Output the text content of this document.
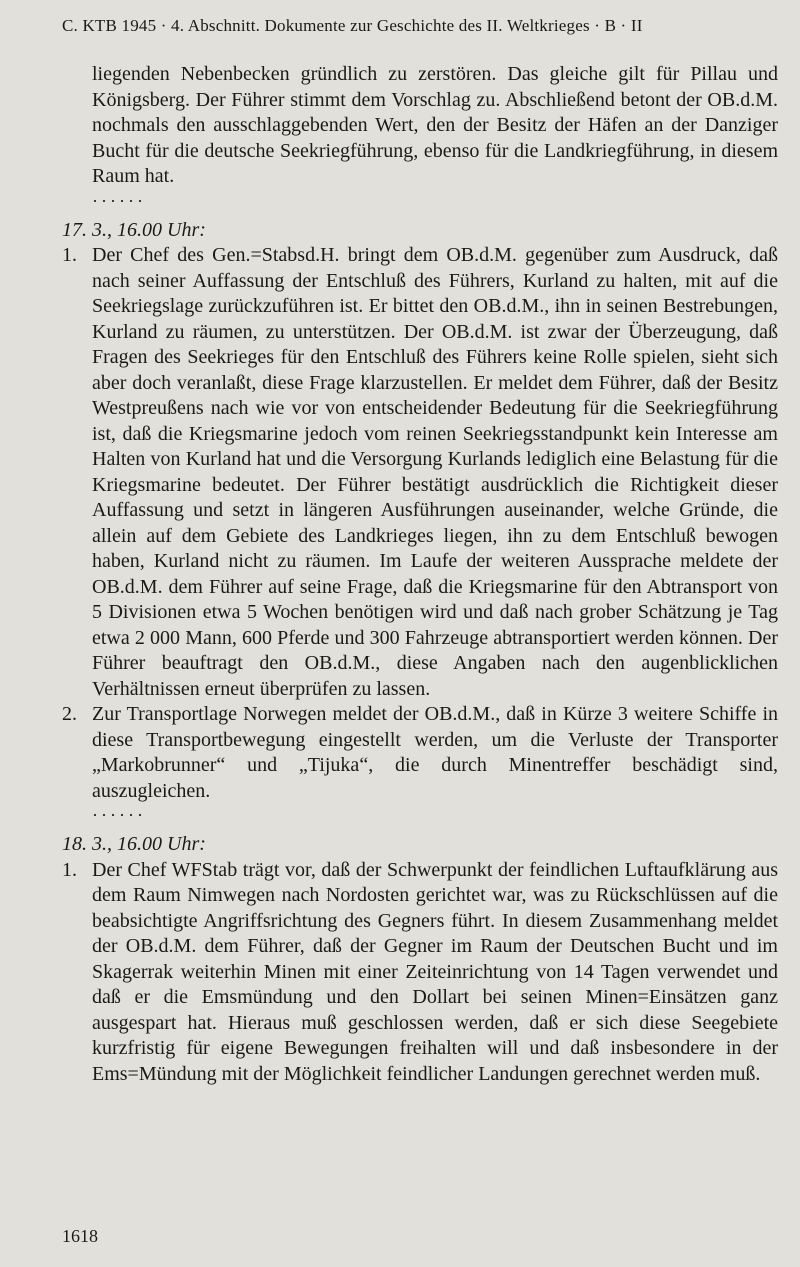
C. KTB 1945 · 4. Abschnitt. Dokumente zur Geschichte des II. Weltkrieges · B · II

liegenden Nebenbecken gründlich zu zerstören. Das gleiche gilt für Pillau und Königsberg. Der Führer stimmt dem Vorschlag zu. Abschließend betont der OB.d.M. nochmals den ausschlaggebenden Wert, den der Besitz der Häfen an der Danziger Bucht für die deutsche Seekriegführung, ebenso für die Landkriegführung, in diesem Raum hat.

······
17. 3., 16.00 Uhr:
1. Der Chef des Gen.=Stabsd.H. bringt dem OB.d.M. gegenüber zum Ausdruck, daß nach seiner Auffassung der Entschluß des Führers, Kurland zu halten, mit auf die Seekriegslage zurückzuführen ist. Er bittet den OB.d.M., ihn in seinen Bestrebungen, Kurland zu räumen, zu unterstützen. Der OB.d.M. ist zwar der Überzeugung, daß Fragen des Seekrieges für den Entschluß des Führers keine Rolle spielen, sieht sich aber doch veranlaßt, diese Frage klarzustellen. Er meldet dem Führer, daß der Besitz Westpreußens nach wie vor von entscheidender Bedeutung für die Seekriegführung ist, daß die Kriegsmarine jedoch vom reinen Seekriegsstandpunkt kein Interesse am Halten von Kurland hat und die Versorgung Kurlands lediglich eine Belastung für die Kriegsmarine bedeutet. Der Führer bestätigt ausdrücklich die Richtigkeit dieser Auffassung und setzt in längeren Ausführungen auseinander, welche Gründe, die allein auf dem Gebiete des Landkrieges liegen, ihn zu dem Entschluß bewogen haben, Kurland nicht zu räumen. Im Laufe der weiteren Aussprache meldete der OB.d.M. dem Führer auf seine Frage, daß die Kriegsmarine für den Abtransport von 5 Divisionen etwa 5 Wochen benötigen wird und daß nach grober Schätzung je Tag etwa 2 000 Mann, 600 Pferde und 300 Fahrzeuge abtransportiert werden können. Der Führer beauftragt den OB.d.M., diese Angaben nach den augenblicklichen Verhältnissen erneut überprüfen zu lassen.
2. Zur Transportlage Norwegen meldet der OB.d.M., daß in Kürze 3 weitere Schiffe in diese Transportbewegung eingestellt werden, um die Verluste der Transporter „Markobrunner“ und „Tijuka“, die durch Minentreffer beschädigt sind, auszugleichen.
······
18. 3., 16.00 Uhr:
1. Der Chef WFStab trägt vor, daß der Schwerpunkt der feindlichen Luftaufklärung aus dem Raum Nimwegen nach Nordosten gerichtet war, was zu Rückschlüssen auf die beabsichtigte Angriffsrichtung des Gegners führt. In diesem Zusammenhang meldet der OB.d.M. dem Führer, daß der Gegner im Raum der Deutschen Bucht und im Skagerrak weiterhin Minen mit einer Zeiteinrichtung von 14 Tagen verwendet und daß er die Emsmündung und den Dollart bei seinen Minen=Einsätzen ganz ausgespart hat. Hieraus muß geschlossen werden, daß er sich diese Seegebiete kurzfristig für eigene Bewegungen freihalten will und daß insbesondere in der Ems=Mündung mit der Möglichkeit feindlicher Landungen gerechnet werden muß.
1618
